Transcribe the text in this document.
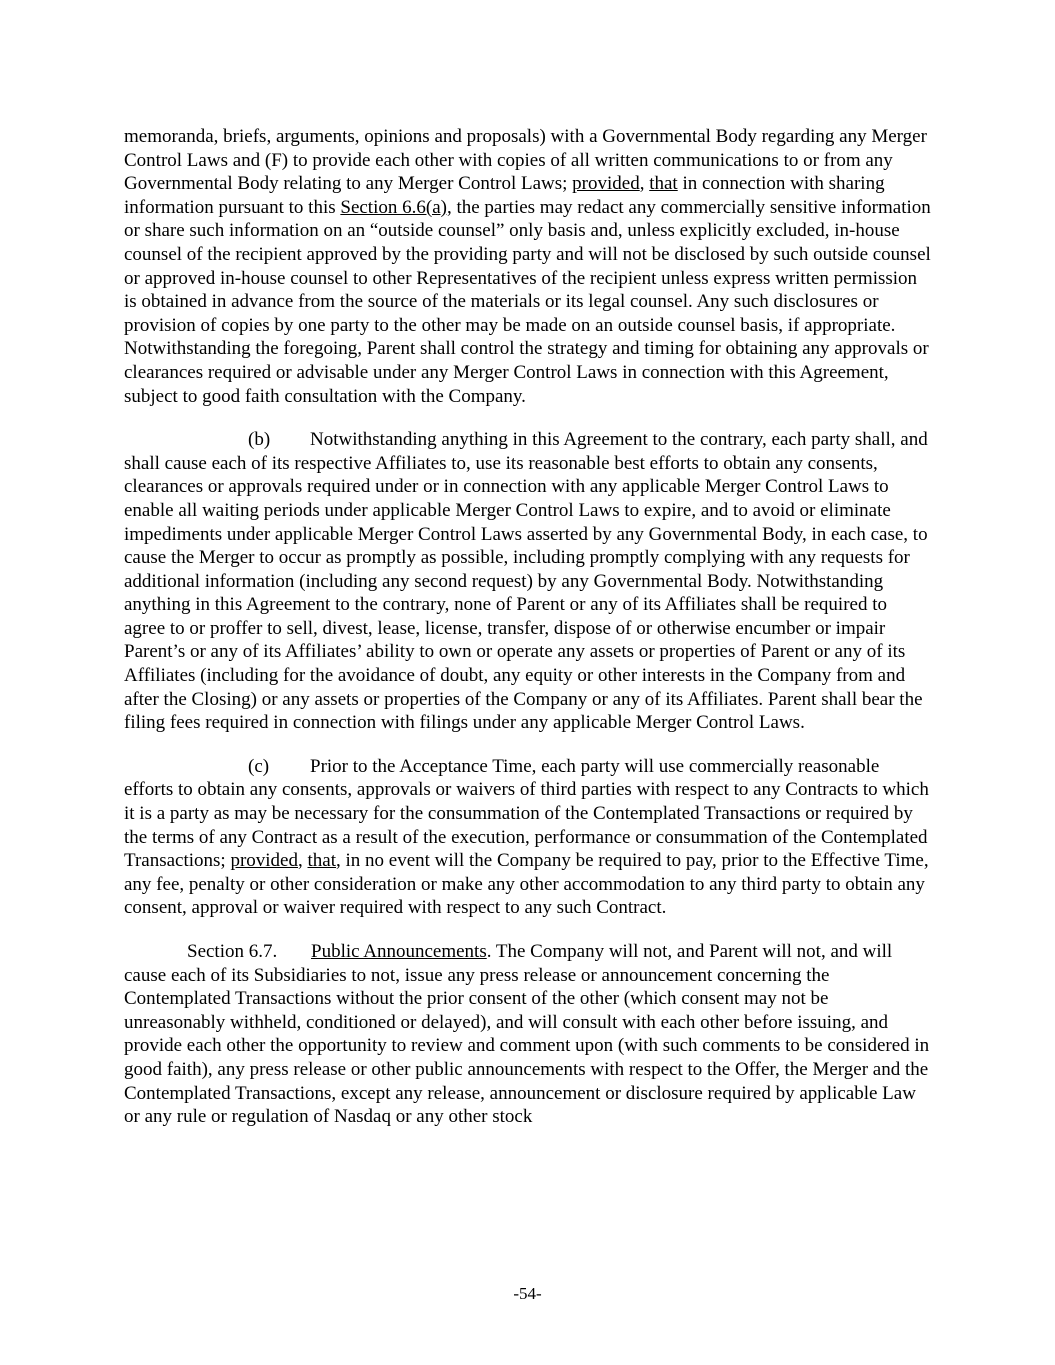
memoranda, briefs, arguments, opinions and proposals) with a Governmental Body regarding any Merger Control Laws and (F) to provide each other with copies of all written communications to or from any Governmental Body relating to any Merger Control Laws; provided, that in connection with sharing information pursuant to this Section 6.6(a), the parties may redact any commercially sensitive information or share such information on an “outside counsel” only basis and, unless explicitly excluded, in-house counsel of the recipient approved by the providing party and will not be disclosed by such outside counsel or approved in-house counsel to other Representatives of the recipient unless express written permission is obtained in advance from the source of the materials or its legal counsel. Any such disclosures or provision of copies by one party to the other may be made on an outside counsel basis, if appropriate. Notwithstanding the foregoing, Parent shall control the strategy and timing for obtaining any approvals or clearances required or advisable under any Merger Control Laws in connection with this Agreement, subject to good faith consultation with the Company.

(b) Notwithstanding anything in this Agreement to the contrary, each party shall, and shall cause each of its respective Affiliates to, use its reasonable best efforts to obtain any consents, clearances or approvals required under or in connection with any applicable Merger Control Laws to enable all waiting periods under applicable Merger Control Laws to expire, and to avoid or eliminate impediments under applicable Merger Control Laws asserted by any Governmental Body, in each case, to cause the Merger to occur as promptly as possible, including promptly complying with any requests for additional information (including any second request) by any Governmental Body. Notwithstanding anything in this Agreement to the contrary, none of Parent or any of its Affiliates shall be required to agree to or proffer to sell, divest, lease, license, transfer, dispose of or otherwise encumber or impair Parent’s or any of its Affiliates’ ability to own or operate any assets or properties of Parent or any of its Affiliates (including for the avoidance of doubt, any equity or other interests in the Company from and after the Closing) or any assets or properties of the Company or any of its Affiliates. Parent shall bear the filing fees required in connection with filings under any applicable Merger Control Laws.

(c) Prior to the Acceptance Time, each party will use commercially reasonable efforts to obtain any consents, approvals or waivers of third parties with respect to any Contracts to which it is a party as may be necessary for the consummation of the Contemplated Transactions or required by the terms of any Contract as a result of the execution, performance or consummation of the Contemplated Transactions; provided, that, in no event will the Company be required to pay, prior to the Effective Time, any fee, penalty or other consideration or make any other accommodation to any third party to obtain any consent, approval or waiver required with respect to any such Contract.

Section 6.7. Public Announcements. The Company will not, and Parent will not, and will cause each of its Subsidiaries to not, issue any press release or announcement concerning the Contemplated Transactions without the prior consent of the other (which consent may not be unreasonably withheld, conditioned or delayed), and will consult with each other before issuing, and provide each other the opportunity to review and comment upon (with such comments to be considered in good faith), any press release or other public announcements with respect to the Offer, the Merger and the Contemplated Transactions, except any release, announcement or disclosure required by applicable Law or any rule or regulation of Nasdaq or any other stock

-54-
